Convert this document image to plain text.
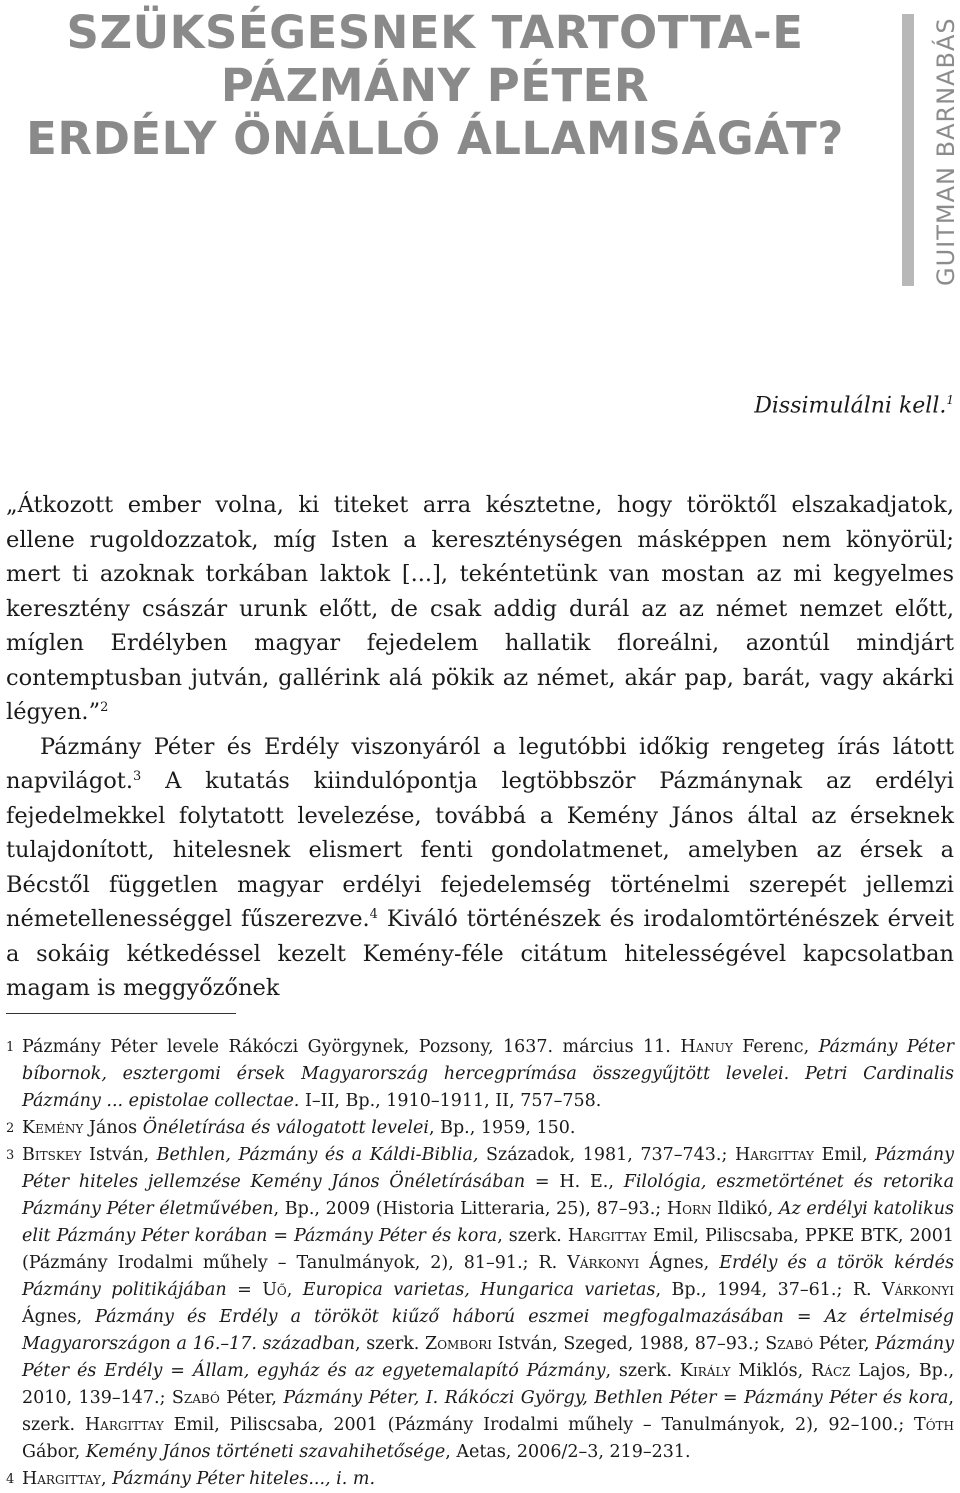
SZÜKSÉGESNEK TARTOTTA-E
PÁZMÁNY PÉTER
ERDÉLY ÖNÁLLÓ ÁLLAMISÁGÁT?	GUITMAN BARNABÁS
Dissimulálni kell.$^1$

„Átkozott ember volna, ki titeket arra késztetne, hogy töröktől elszakadjatok, ellene rugoldozzatok, míg Isten a kereszténységen másképpen nem könyörül; mert ti azoknak torkában laktok [...], tekéntetünk van mostan az mi kegyelmes keresztény császár urunk előtt, de csak addig durál az az német nemzet előtt, míglen Erdélyben magyar fejedelem hallatik floreálni, azontúl mindjárt contemptusban jutván, gallérink alá pökik az német, akár pap, barát, vagy akárki légyen.”$^2$

Pázmány Péter és Erdély viszonyáról a legutóbbi időkig rengeteg írás látott napvilágot.$^3$ A kutatás kiindulópontja legtöbbször Pázmánynak az erdélyi fejedelmekkel folytatott levelezése, továbbá a Kemény János által az érseknek tulajdonított, hitelesnek elismert fenti gondolatmenet, amelyben az érsek a Bécstől független magyar erdélyi fejedelemség történelmi szerepét jellemzi németellenességgel fűszerezve.$^4$ Kiváló történészek és irodalomtörténészek érveit a sokáig kétkedéssel kezelt Kemény-féle citátum hitelességével kapcsolatban magam is meggyőzőnek

1 Pázmány Péter levele Rákóczi Györgynek, Pozsony, 1637. március 11. Hanuy Ferenc, Pázmány Péter bíbornok, esztergomi érsek Magyarország hercegprímása összegyűjtött levelei. Petri Cardinalis Pázmány ... epistolae collectae. I–II, Bp., 1910–1911, II, 757–758.

2 Kemény János Önéletírása és válogatott levelei, Bp., 1959, 150.

3 Bitskey István, Bethlen, Pázmány és a Káldi-Biblia, Századok, 1981, 737–743.; Hargittay Emil, Pázmány Péter hiteles jellemzése Kemény János Önéletírásában = H. E., Filológia, eszmetörténet és retorika Pázmány Péter életművében, Bp., 2009 (Historia Litteraria, 25), 87–93.; Horn Ildikó, Az erdélyi katolikus elit Pázmány Péter korában = Pázmány Péter és kora, szerk. Hargittay Emil, Piliscsaba, PPKE BTK, 2001 (Pázmány Irodalmi műhely – Tanulmányok, 2), 81–91.; R. Várkonyi Ágnes, Erdély és a török kérdés Pázmány politikájában = Uő, Europica varietas, Hungarica varietas, Bp., 1994, 37–61.; R. Várkonyi Ágnes, Pázmány és Erdély a törököt kiűző háború eszmei megfogalmazásában = Az értelmiség Magyarországon a 16.–17. században, szerk. Zombori István, Szeged, 1988, 87–93.; Szabó Péter, Pázmány Péter és Erdély = Állam, egyház és az egyetemalapító Pázmány, szerk. Király Miklós, Rácz Lajos, Bp., 2010, 139–147.; Szabó Péter, Pázmány Péter, I. Rákóczi György, Bethlen Péter = Pázmány Péter és kora, szerk. Hargittay Emil, Piliscsaba, 2001 (Pázmány Irodalmi műhely – Tanulmányok, 2), 92–100.; Tóth Gábor, Kemény János történeti szavahihetősége, Aetas, 2006/2–3, 219–231.

4 Hargittay, Pázmány Péter hiteles..., i. m.
